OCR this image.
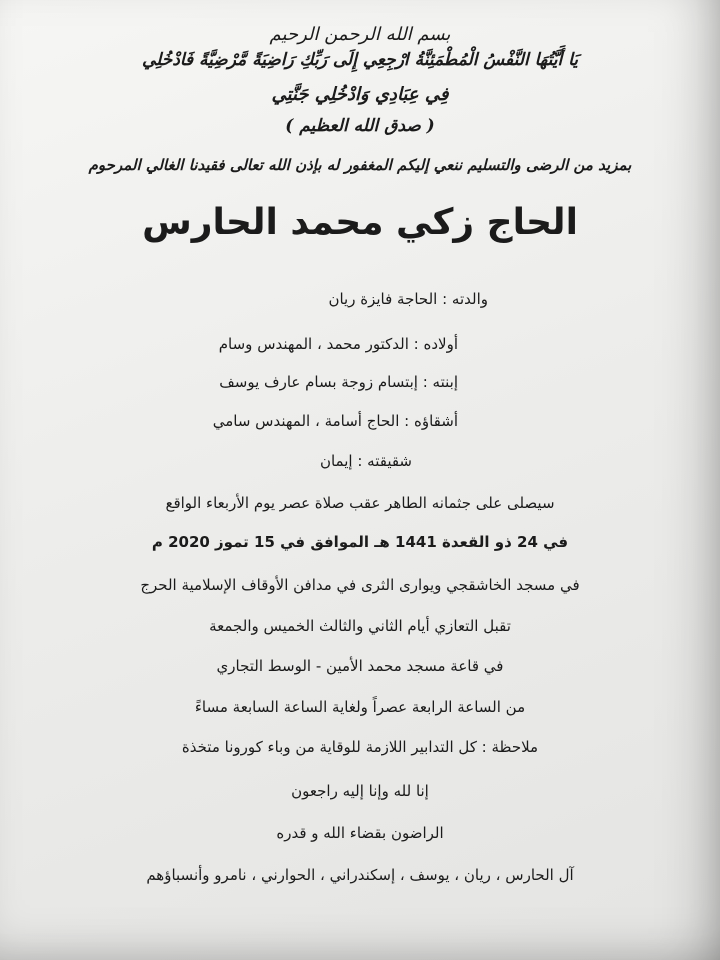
بسم الله الرحمن الرحيم
يَا أَيَّتُهَا النَّفْسُ الْمُطْمَئِنَّةُ ارْجِعِي إِلَى رَبِّكِ رَاضِيَةً مَّرْضِيَّةً فَادْخُلِي
فِي عِبَادِي وَادْخُلِي جَنَّتِي
( صدق الله العظيم )
بمزيد من الرضى والتسليم ننعي إليكم المغفور له بإذن الله تعالى فقيدنا الغالي المرحوم
الحاج زكي محمد الحارس
والدته : الحاجة فايزة ريان
أولاده : الدكتور محمد ، المهندس وسام
إبنته : إبتسام زوجة بسام عارف يوسف
أشقاؤه : الحاج أسامة ، المهندس سامي
شقيقته : إيمان
سيصلى على جثمانه الطاهر عقب صلاة عصر يوم الأربعاء الواقع
في 24 ذو القعدة 1441 هـ الموافق في 15 تموز 2020 م
في مسجد الخاشقجي ويوارى الثرى في مدافن الأوقاف الإسلامية الحرج
تقبل التعازي أيام الثاني والثالث الخميس والجمعة
في قاعة مسجد محمد الأمين - الوسط التجاري
من الساعة الرابعة عصراً ولغاية الساعة السابعة مساءً
ملاحظة : كل التدابير اللازمة للوقاية من وباء كورونا متخذة
إنا لله وإنا إليه راجعون
الراضون بقضاء الله و قدره
آل الحارس ، ريان ، يوسف ، إسكندراني ، الحوارني ، نامرو وأنسباؤهم
